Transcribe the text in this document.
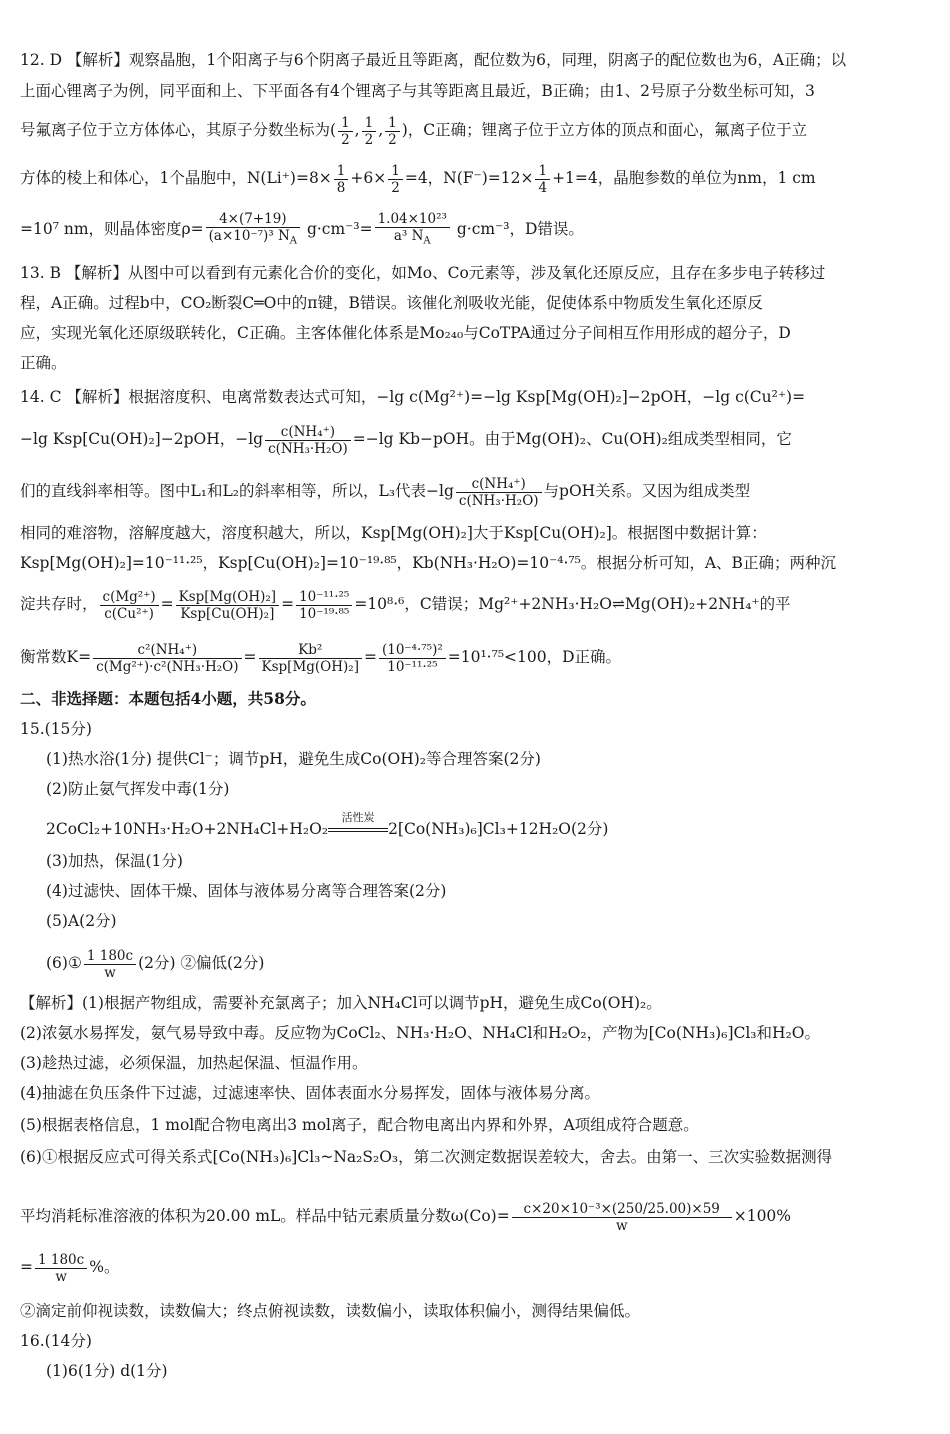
12. D 【解析】观察晶胞，1个阳离子与6个阴离子最近且等距离，配位数为6，同理，阴离子的配位数也为6，A正确；以
上面心锂离子为例，同平面和上、下平面各有4个锂离子与其等距离且最近，B正确；由1、2号原子分数坐标可知，3
号氟离子位于立方体体心，其原子分数坐标为( $\frac{1}{2}$ , $\frac{1}{2}$ , $\frac{1}{2}$ )，C正确；锂离子位于立方体的顶点和面心，氟离子位于立
方体的棱上和体心，1个晶胞中，$N(Li^+)=8\times \frac{1}{8} +6\times \frac{1}{2} =4$，$N(F^-)=12\times \frac{1}{4} +1=4$，晶胞参数的单位为nm，1 cm
=10⁷ nm，则晶体密度$\rho= \frac{4\times(7+19)}{(a\times 10^{-7})^3 N_A} g\cdot cm^{-3}= \frac{\text{1.04×10²³}}{a^3 N_A} g\cdot cm^{-3}$，D错误。
13. B 【解析】从图中可以看到有元素化合价的变化，如Mo、Co元素等，涉及氧化还原反应，且存在多步电子转移过
程，A正确。过程b中，CO₂断裂C═O中的π键，B错误。该催化剂吸收光能，促使体系中物质发生氧化还原反
应，实现光氧化还原级联转化，C正确。主客体催化体系是Mo₂₄₀与CoTPA通过分子间相互作用形成的超分子，D
正确。
14. C 【解析】根据溶度积、电离常数表达式可知，−lg c(Mg²⁺)=−lg Ksp[Mg(OH)₂]−2pOH，−lg c(Cu²⁺)=
−lg Ksp[Cu(OH)₂]−2pOH，$-\lg \frac{\text{c(NH₄⁺)}}{\text{c(NH₃·H₂O)}} =-\lg$ Kb−pOH。由于Mg(OH)₂、Cu(OH)₂组成类型相同，它
们的直线斜率相等。图中L₁和L₂的斜率相等，所以，L₃代表$-\lg \frac{\text{c(NH₄⁺)}}{\text{c(NH₃·H₂O)}}$ 与pOH关系。又因为组成类型
相同的难溶物，溶解度越大，溶度积越大，所以，Ksp[Mg(OH)₂]大于Ksp[Cu(OH)₂]。根据图中数据计算：
Ksp[Mg(OH)₂]=10⁻¹¹·²⁵，Ksp[Cu(OH)₂]=10⁻¹⁹·⁸⁵，Kb(NH₃·H₂O)=10⁻⁴·⁷⁵。根据分析可知，A、B正确；两种沉
淀共存时， $\frac{\text{c(Mg²⁺)}}{\text{c(Cu²⁺)}} = \frac{\text{Ksp[Mg(OH)₂]}}{\text{Ksp[Cu(OH)₂]}} = \frac{\text{10⁻¹¹·²⁵}}{\text{10⁻¹⁹·⁸⁵}} =10^8\cdot^6$，C错误；Mg²⁺+2NH₃·H₂O⇌Mg(OH)₂+2NH₄⁺的平
衡常数$K= \frac{\text{c²(NH₄⁺)}}{\text{c(Mg²⁺)·c²(NH₃·H₂O)}} = \frac{\text{Kb²}}{\text{Ksp[Mg(OH)₂]}} = \frac{\text{(10⁻⁴·⁷⁵)²}}{\text{10⁻¹¹·²⁵}} =10^1\cdot^{75}<100$，D正确。
二、非选择题：本题包括4小题，共58分。
15.(15分)
(1)热水浴(1分) 提供Cl⁻；调节pH，避免生成Co(OH)₂等合理答案(2分)
(2)防止氨气挥发中毒(1分)
2CoCl₂+10NH₃·H₂O+2NH₄Cl+H₂O₂
活性炭
2[Co(NH₃)₆]Cl₃+12H₂O(2分)
(3)加热，保温(1分)
(4)过滤快、固体干燥、固体与液体易分离等合理答案(2分)
(5)A(2分)
(6)① $\frac{1 180c}{w} (2$分) ②偏低(2分)
【解析】(1)根据产物组成，需要补充氯离子；加入NH₄Cl可以调节pH，避免生成Co(OH)₂。
(2)浓氨水易挥发，氨气易导致中毒。反应物为CoCl₂、NH₃·H₂O、NH₄Cl和H₂O₂，产物为[Co(NH₃)₆]Cl₃和H₂O。
(3)趁热过滤，必须保温，加热起保温、恒温作用。
(4)抽滤在负压条件下过滤，过滤速率快、固体表面水分易挥发，固体与液体易分离。
(5)根据表格信息，1 mol配合物电离出3 mol离子，配合物电离出内界和外界，A项组成符合题意。
(6)①根据反应式可得关系式[Co(NH₃)₆]Cl₃~Na₂S₂O₃，第二次测定数据误差较大，舍去。由第一、三次实验数据测得
平均消耗标准溶液的体积为20.00 mL。样品中钴元素质量分数$\omega(Co)= \frac{\text{c×20×10⁻³×(250/25.00)×59}}{w} \times 100\%$
= $\frac{1 180c}{w}$ %。
②滴定前仰视读数，读数偏大；终点俯视读数，读数偏小，读取体积偏小，测得结果偏低。
16.(14分)
(1)6(1分) d(1分)
